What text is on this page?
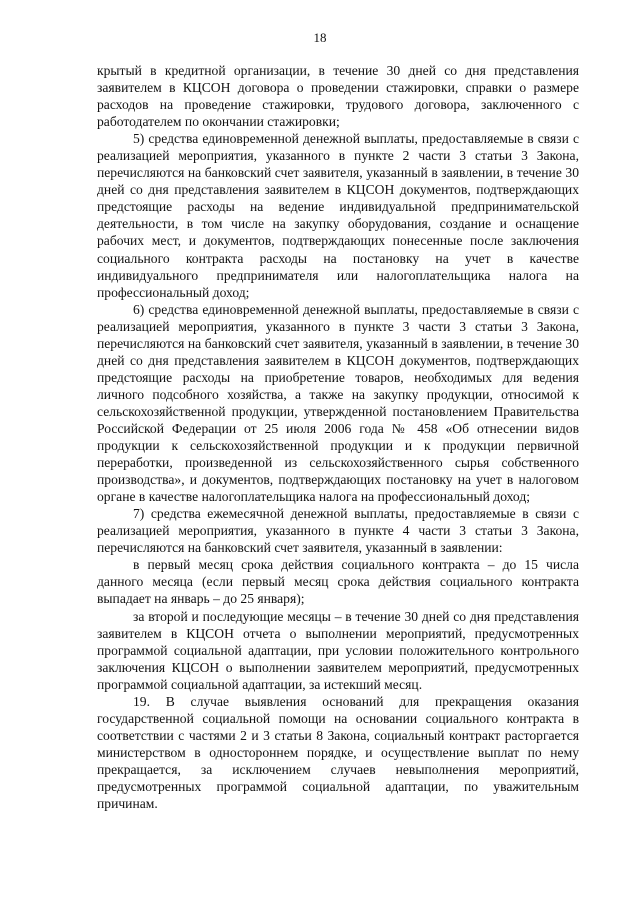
18

крытый в кредитной организации, в течение 30 дней со дня представления заявителем в КЦСОН договора о проведении стажировки, справки о размере расходов на проведение стажировки, трудового договора, заключенного с работодателем по окончании стажировки;

5) средства единовременной денежной выплаты, предоставляемые в связи с реализацией мероприятия, указанного в пункте 2 части 3 статьи 3 Закона, перечисляются на банковский счет заявителя, указанный в заявлении, в течение 30 дней со дня представления заявителем в КЦСОН документов, подтверждающих предстоящие расходы на ведение индивидуальной предпринимательской деятельности, в том числе на закупку оборудования, создание и оснащение рабочих мест, и документов, подтверждающих понесенные после заключения социального контракта расходы на постановку на учет в качестве индивидуального предпринимателя или налогоплательщика налога на профессиональный доход;

6) средства единовременной денежной выплаты, предоставляемые в связи с реализацией мероприятия, указанного в пункте 3 части 3 статьи 3 Закона, перечисляются на банковский счет заявителя, указанный в заявлении, в течение 30 дней со дня представления заявителем в КЦСОН документов, подтверждающих предстоящие расходы на приобретение товаров, необходимых для ведения личного подсобного хозяйства, а также на закупку продукции, относимой к сельскохозяйственной продукции, утвержденной постановлением Правительства Российской Федерации от 25 июля 2006 года № 458 «Об отнесении видов продукции к сельскохозяйственной продукции и к продукции первичной переработки, произведенной из сельскохозяйственного сырья собственного производства», и документов, подтверждающих постановку на учет в налоговом органе в качестве налогоплательщика налога на профессиональный доход;

7) средства ежемесячной денежной выплаты, предоставляемые в связи с реализацией мероприятия, указанного в пункте 4 части 3 статьи 3 Закона, перечисляются на банковский счет заявителя, указанный в заявлении:

в первый месяц срока действия социального контракта – до 15 числа данного месяца (если первый месяц срока действия социального контракта выпадает на январь – до 25 января);

за второй и последующие месяцы – в течение 30 дней со дня представления заявителем в КЦСОН отчета о выполнении мероприятий, предусмотренных программой социальной адаптации, при условии положительного контрольного заключения КЦСОН о выполнении заявителем мероприятий, предусмотренных программой социальной адаптации, за истекший месяц.

19. В случае выявления оснований для прекращения оказания государственной социальной помощи на основании социального контракта в соответствии с частями 2 и 3 статьи 8 Закона, социальный контракт расторгается министерством в одностороннем порядке, и осуществление выплат по нему прекращается, за исключением случаев невыполнения мероприятий, предусмотренных программой социальной адаптации, по уважительным причинам.
